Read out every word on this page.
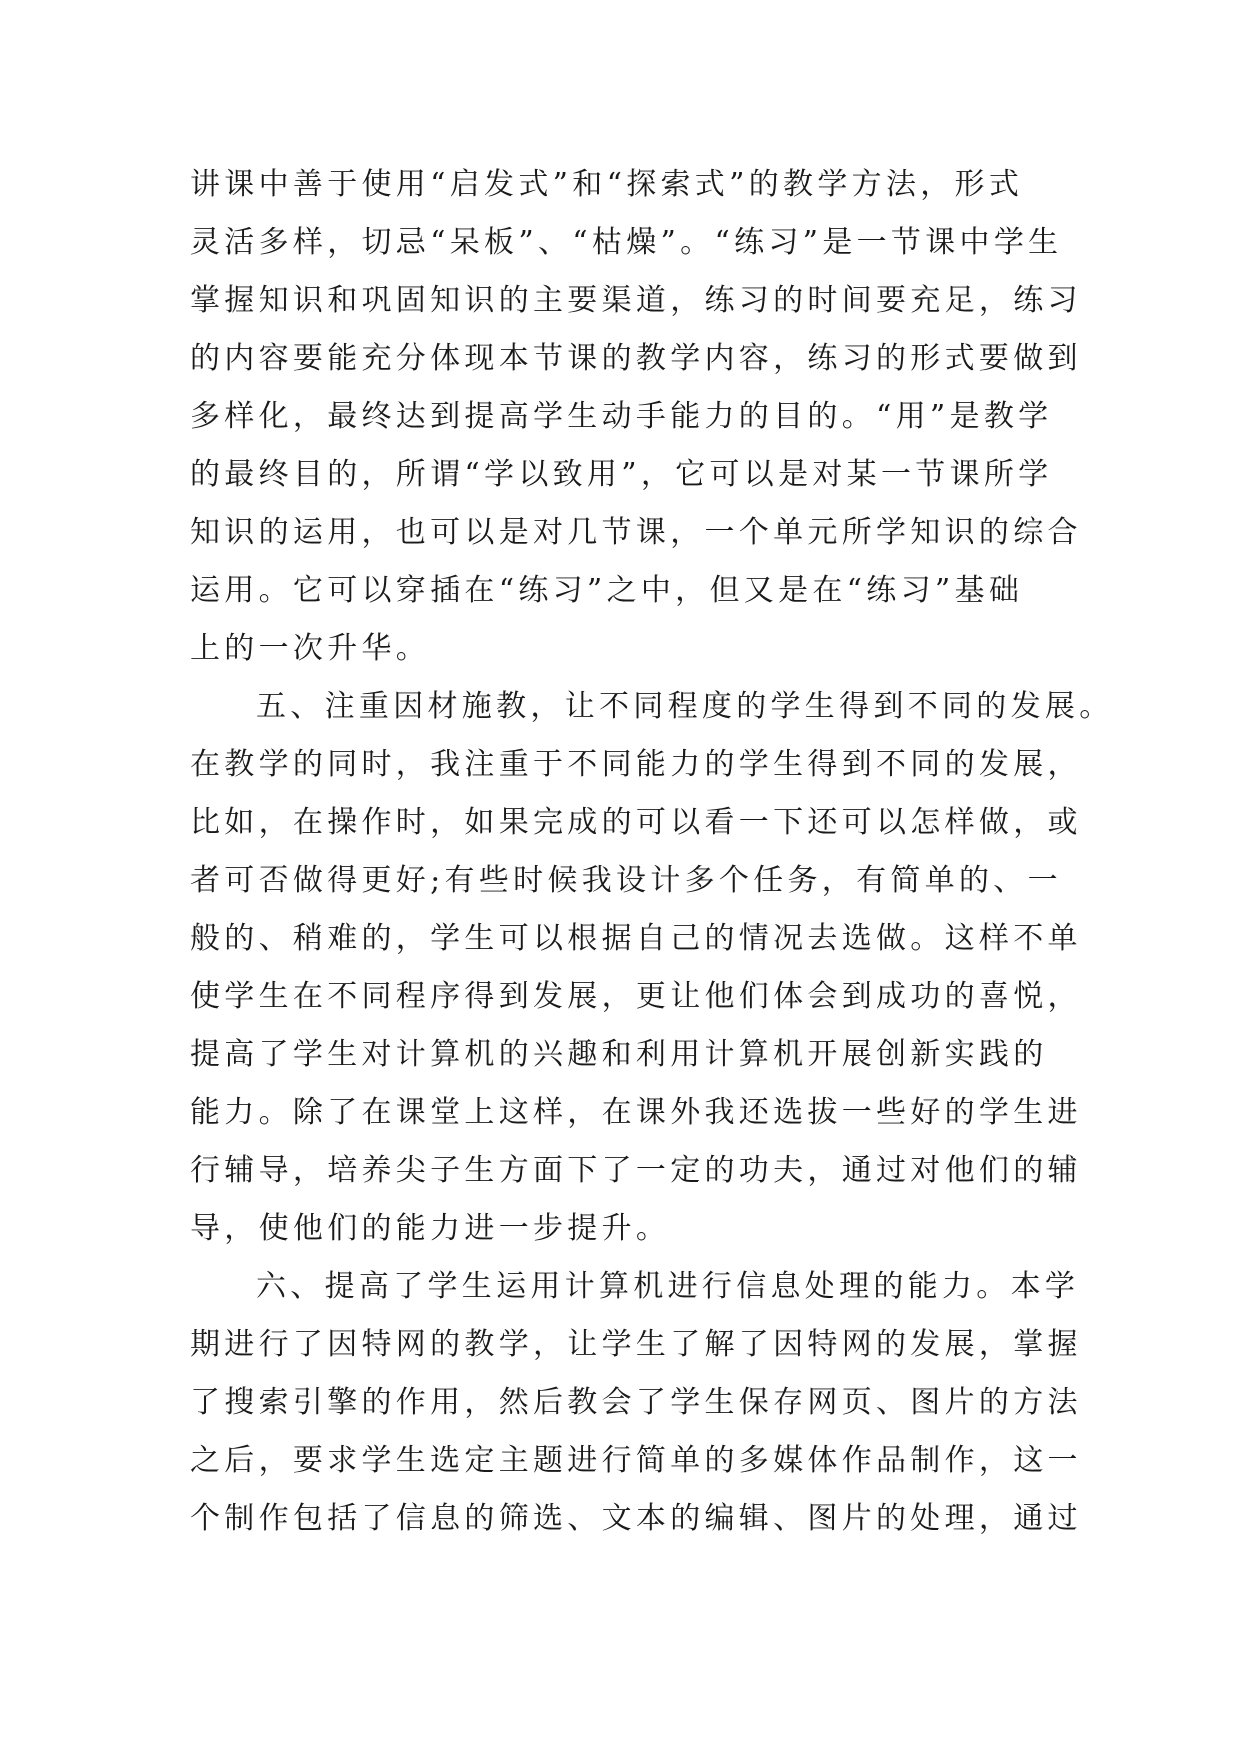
讲课中善于使用“启发式”和“探索式”的教学方法，形式
灵活多样，切忌“呆板”、“枯燥”。“练习”是一节课中学生
掌握知识和巩固知识的主要渠道，练习的时间要充足，练习
的内容要能充分体现本节课的教学内容，练习的形式要做到
多样化，最终达到提高学生动手能力的目的。“用”是教学
的最终目的，所谓“学以致用”，它可以是对某一节课所学
知识的运用，也可以是对几节课，一个单元所学知识的综合
运用。它可以穿插在“练习”之中，但又是在“练习”基础
上的一次升华。
五、注重因材施教，让不同程度的学生得到不同的发展。
在教学的同时，我注重于不同能力的学生得到不同的发展，
比如，在操作时，如果完成的可以看一下还可以怎样做，或
者可否做得更好;有些时候我设计多个任务，有简单的、一
般的、稍难的，学生可以根据自己的情况去选做。这样不单
使学生在不同程序得到发展，更让他们体会到成功的喜悦，
提高了学生对计算机的兴趣和利用计算机开展创新实践的
能力。除了在课堂上这样，在课外我还选拔一些好的学生进
行辅导，培养尖子生方面下了一定的功夫，通过对他们的辅
导，使他们的能力进一步提升。
六、提高了学生运用计算机进行信息处理的能力。本学
期进行了因特网的教学，让学生了解了因特网的发展，掌握
了搜索引擎的作用，然后教会了学生保存网页、图片的方法
之后，要求学生选定主题进行简单的多媒体作品制作，这一
个制作包括了信息的筛选、文本的编辑、图片的处理，通过
